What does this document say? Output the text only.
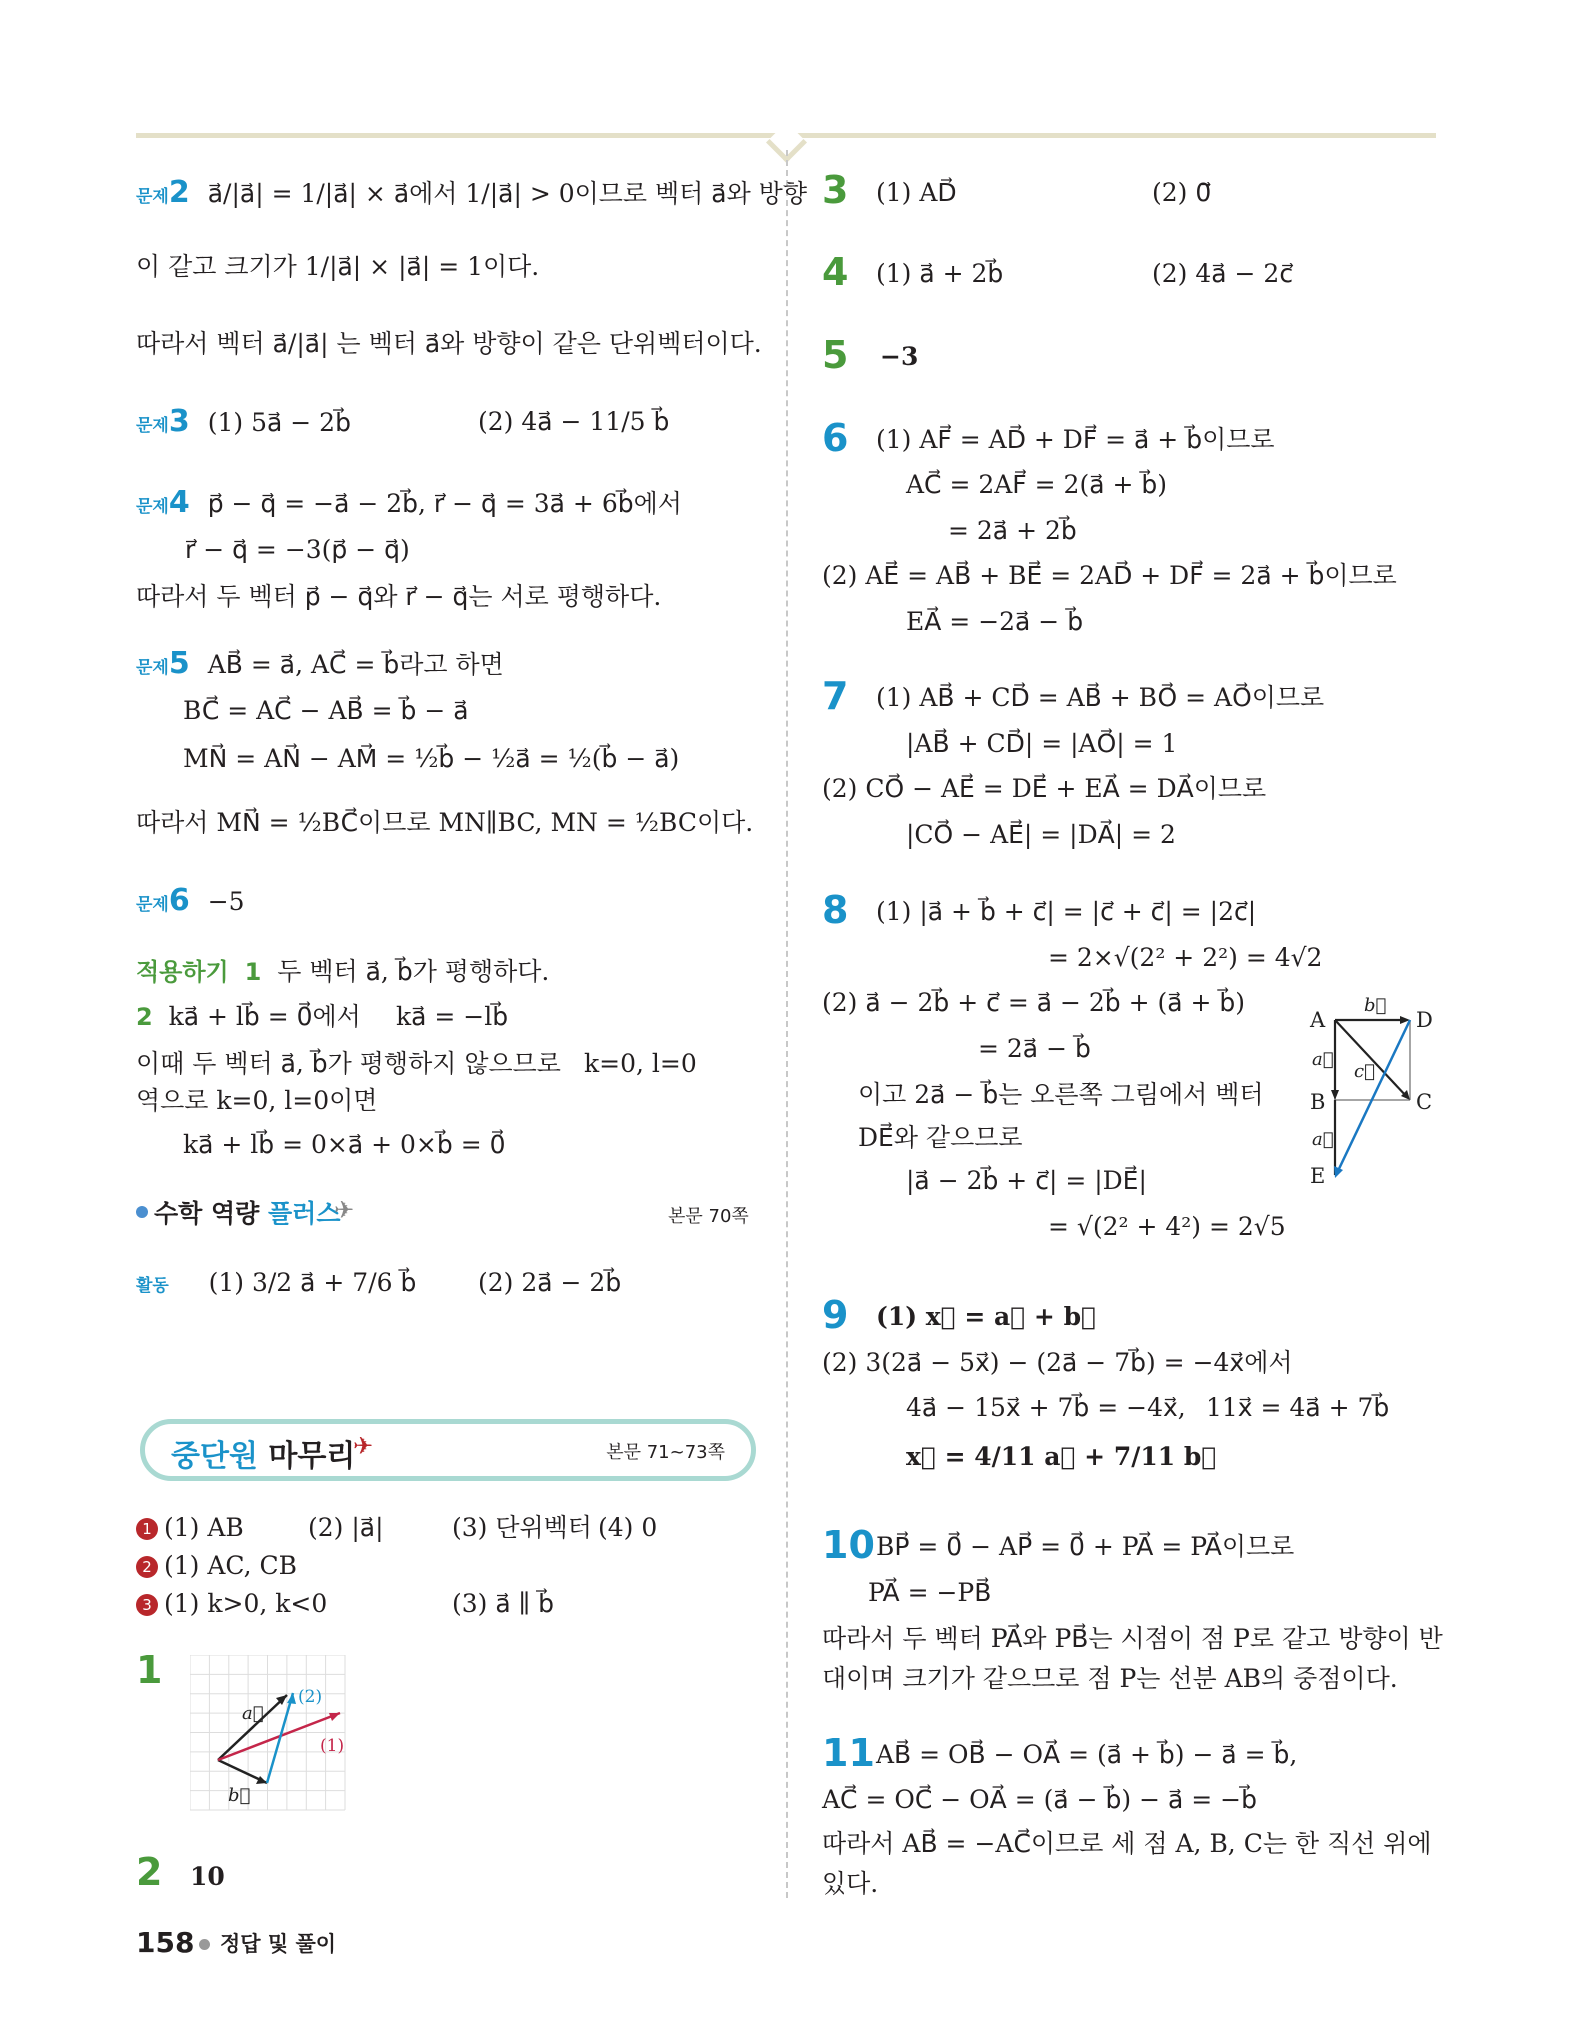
문제2 a⃗/|a⃗| = 1/|a⃗| × a⃗에서 1/|a⃗| > 0이므로 벡터 a⃗와 방향
이 같고 크기가 1/|a⃗| × |a⃗| = 1이다.
따라서 벡터 a⃗/|a⃗| 는 벡터 a⃗와 방향이 같은 단위벡터이다.
문제3 (1) 5a⃗ − 2b⃗	(2) 4a⃗ − 11/5 b⃗
문제4 p⃗ − q⃗ = −a⃗ − 2b⃗, r⃗ − q⃗ = 3a⃗ + 6b⃗에서
r⃗ − q⃗ = −3(p⃗ − q⃗)
따라서 두 벡터 p⃗ − q⃗와 r⃗ − q⃗는 서로 평행하다.
문제5 AB⃗ = a⃗, AC⃗ = b⃗라고 하면
BC⃗ = AC⃗ − AB⃗ = b⃗ − a⃗
MN⃗ = AN⃗ − AM⃗ = ½b⃗ − ½a⃗ = ½(b⃗ − a⃗)
따라서 MN⃗ = ½BC⃗이므로 MN∥BC, MN = ½BC이다.
문제6 −5
적용하기 1 두 벡터 a⃗, b⃗가 평행하다.
2 ka⃗ + lb⃗ = 0⃗에서 ka⃗ = −lb⃗
이때 두 벡터 a⃗, b⃗가 평행하지 않으므로 k=0, l=0
역으로 k=0, l=0이면
ka⃗ + lb⃗ = 0×a⃗ + 0×b⃗ = 0⃗
수학 역량 플러스
✈	본문 70쪽
활동 (1) 3/2 a⃗ + 7/6 b⃗ (2) 2a⃗ − 2b⃗
중단원 마무리
✈	본문 71~73쪽
1 (1) AB	(2) |a⃗|	(3) 단위벡터 (4) 0
2 (1) AC, CB
3 (1) k>0, k<0	(3) a⃗ ∥ b⃗
1
a⃗
b⃗
(1)
(2)
2 10
3 (1) AD⃗	(2) 0⃗
4 (1) a⃗ + 2b⃗	(2) 4a⃗ − 2c⃗
5 −3
6 (1) AF⃗ = AD⃗ + DF⃗ = a⃗ + b⃗이므로
AC⃗ = 2AF⃗ = 2(a⃗ + b⃗)
= 2a⃗ + 2b⃗
(2) AE⃗ = AB⃗ + BE⃗ = 2AD⃗ + DF⃗ = 2a⃗ + b⃗이므로
EA⃗ = −2a⃗ − b⃗
7 (1) AB⃗ + CD⃗ = AB⃗ + BO⃗ = AO⃗이므로
|AB⃗ + CD⃗| = |AO⃗| = 1
(2) CO⃗ − AE⃗ = DE⃗ + EA⃗ = DA⃗이므로
|CO⃗ − AE⃗| = |DA⃗| = 2
8 (1) |a⃗ + b⃗ + c⃗| = |c⃗ + c⃗| = |2c⃗|
= 2×√(2² + 2²) = 4√2
(2) a⃗ − 2b⃗ + c⃗ = a⃗ − 2b⃗ + (a⃗ + b⃗)
= 2a⃗ − b⃗
이고 2a⃗ − b⃗는 오른쪽 그림에서 벡터
DE⃗와 같으므로
|a⃗ − 2b⃗ + c⃗| = |DE⃗|
= √(2² + 4²) = 2√5
A	D
B	C
E
b⃗
a⃗
a⃗
c⃗
9 (1) x⃗ = a⃗ + b⃗
(2) 3(2a⃗ − 5x⃗) − (2a⃗ − 7b⃗) = −4x⃗에서
4a⃗ − 15x⃗ + 7b⃗ = −4x⃗, 11x⃗ = 4a⃗ + 7b⃗
x⃗ = 4/11 a⃗ + 7/11 b⃗
10 BP⃗ = 0⃗ − AP⃗ = 0⃗ + PA⃗ = PA⃗이므로
PA⃗ = −PB⃗
따라서 두 벡터 PA⃗와 PB⃗는 시점이 점 P로 같고 방향이 반
대이며 크기가 같으므로 점 P는 선분 AB의 중점이다.
11 AB⃗ = OB⃗ − OA⃗ = (a⃗ + b⃗) − a⃗ = b⃗,
AC⃗ = OC⃗ − OA⃗ = (a⃗ − b⃗) − a⃗ = −b⃗
따라서 AB⃗ = −AC⃗이므로 세 점 A, B, C는 한 직선 위에
있다.
158 정답 및 풀이
